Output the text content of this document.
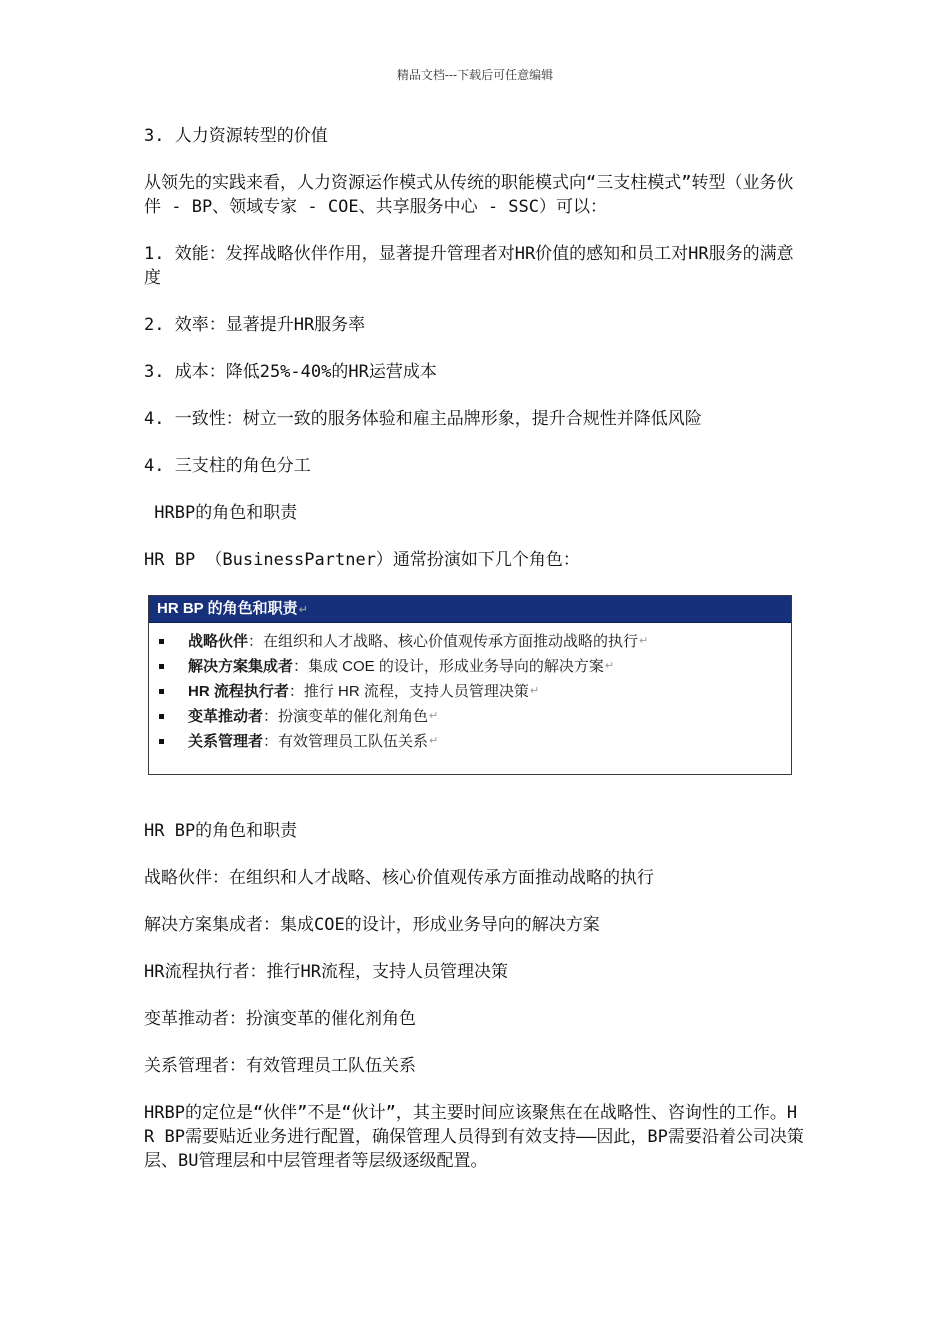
精品文档---下载后可任意编辑

3. 人力资源转型的价值

从领先的实践来看，人力资源运作模式从传统的职能模式向“三支柱模式”转型（业务伙伴 - BP、领域专家 - COE、共享服务中心 - SSC）可以：

1. 效能：发挥战略伙伴作用，显著提升管理者对HR价值的感知和员工对HR服务的满意度

2. 效率：显著提升HR服务率

3. 成本：降低25%-40%的HR运营成本

4. 一致性：树立一致的服务体验和雇主品牌形象，提升合规性并降低风险

4. 三支柱的角色分工

HRBP的角色和职责

HR BP （BusinessPartner）通常扮演如下几个角色：

HR BP 的角色和职责↵
战略伙伴 ：在组织和人才战略、核心价值观传承方面推动战略的执行 ↵
解决方案集成者 ：集成 COE 的设计，形成业务导向的解决方案 ↵
HR 流程执行者 ：推行 HR 流程，支持人员管理决策 ↵
变革推动者 ：扮演变革的催化剂角色 ↵
关系管理者 ：有效管理员工队伍关系 ↵

HR BP的角色和职责

战略伙伴：在组织和人才战略、核心价值观传承方面推动战略的执行

解决方案集成者：集成COE的设计，形成业务导向的解决方案

HR流程执行者：推行HR流程，支持人员管理决策

变革推动者：扮演变革的催化剂角色

关系管理者：有效管理员工队伍关系

HRBP的定位是“伙伴”不是“伙计”，其主要时间应该聚焦在在战略性、咨询性的工作。HR BP需要贴近业务进行配置，确保管理人员得到有效支持——因此，BP需要沿着公司决策层、BU管理层和中层管理者等层级逐级配置。
